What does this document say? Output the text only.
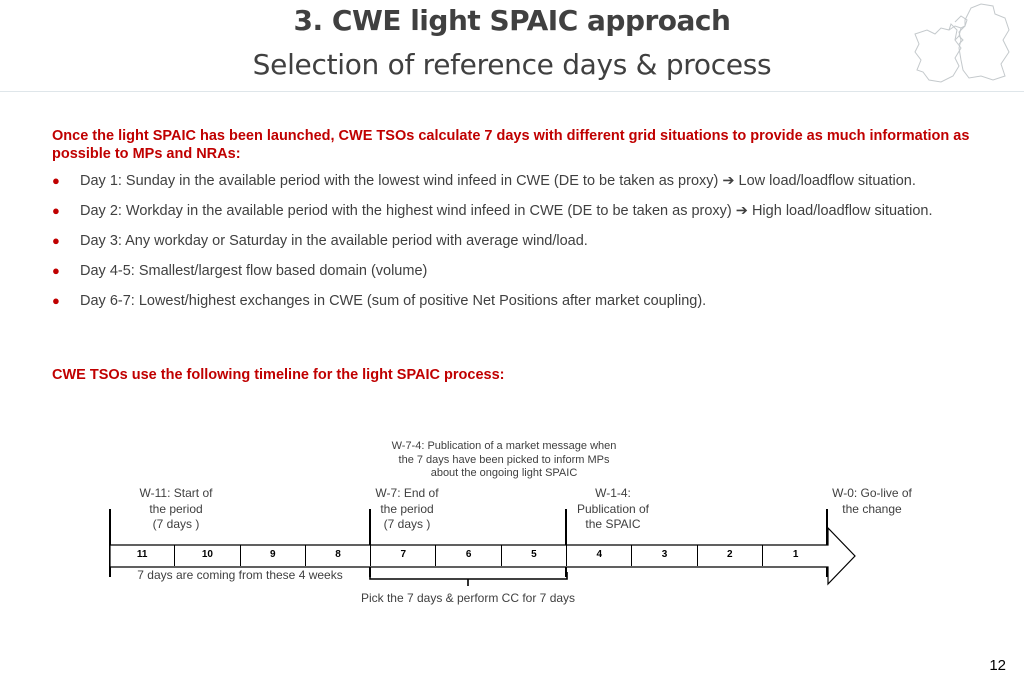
3. CWE light SPAIC approach
Selection of reference days & process
Once the light SPAIC has been launched, CWE TSOs calculate 7 days with different grid situations to provide as much information as possible to MPs and NRAs:
● Day 1: Sunday in the available period with the lowest wind infeed in CWE (DE to be taken as proxy) ➔ Low load/loadflow situation.
● Day 2: Workday in the available period with the highest wind infeed in CWE (DE to be taken as proxy) ➔ High load/loadflow situation.
● Day 3: Any workday or Saturday in the available period with average wind/load.
● Day 4-5: Smallest/largest flow based domain (volume)
● Day 6-7: Lowest/highest exchanges in CWE (sum of positive Net Positions after market coupling).
CWE TSOs use the following timeline for the light SPAIC process:
W-7-4: Publication of a market message when
the 7 days have been picked to inform MPs
about the ongoing light SPAIC
W-11: Start of
the period
(7 days )
W-7: End of
the period
(7 days )
W-1-4:
Publication of
the SPAIC
W-0: Go-live of
the change
11	10	9	8	7	6	5	4	3	2	1
7 days are coming from these 4 weeks
Pick the 7 days & perform CC for 7 days
12
